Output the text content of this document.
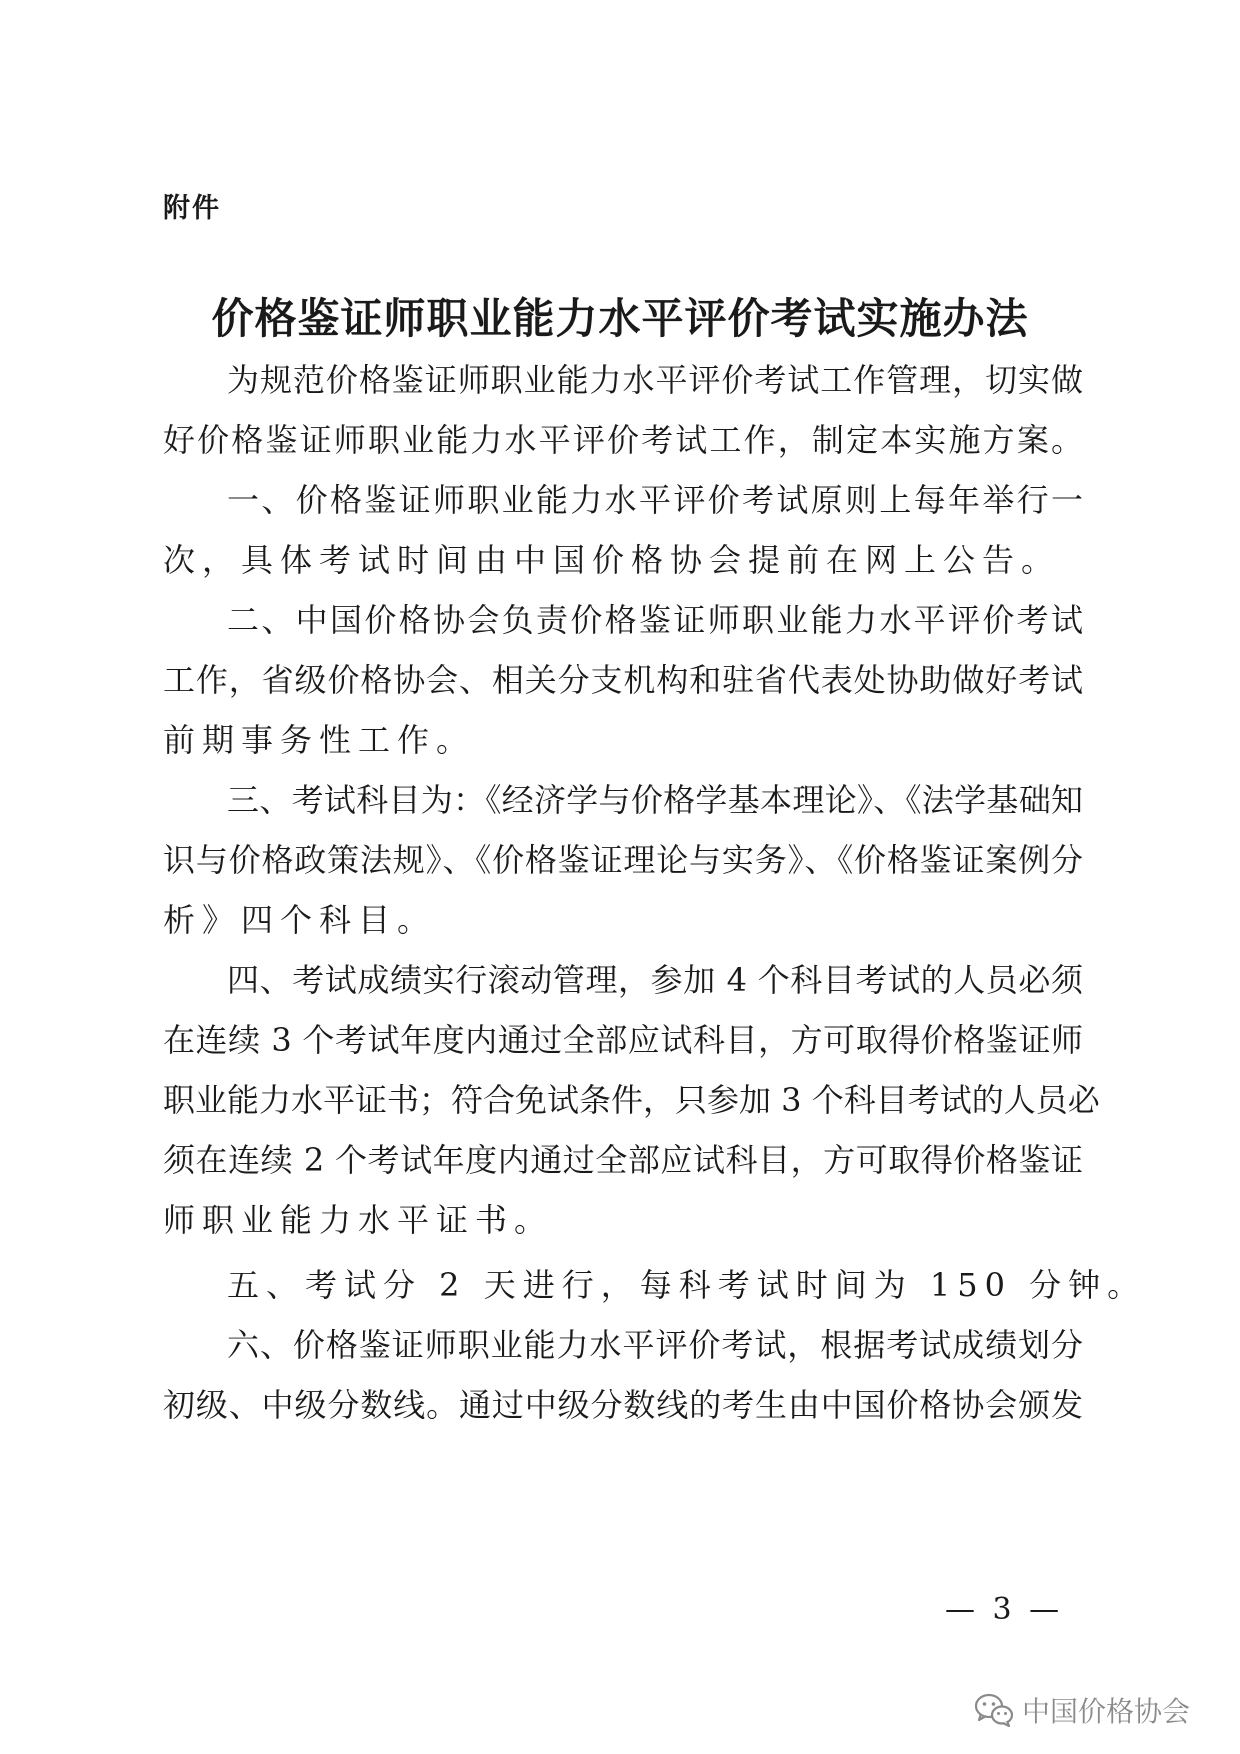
附件
价格鉴证师职业能力水平评价考试实施办法
为规范价格鉴证师职业能力水平评价考试工作管理，切实做
好价格鉴证师职业能力水平评价考试工作，制定本实施方案。
一、价格鉴证师职业能力水平评价考试原则上每年举行一
次，具体考试时间由中国价格协会提前在网上公告。
二、中国价格协会负责价格鉴证师职业能力水平评价考试
工作，省级价格协会、相关分支机构和驻省代表处协助做好考试
前期事务性工作。
三、考试科目为：《经济学与价格学基本理论》、《法学基础知
识与价格政策法规》、《价格鉴证理论与实务》、《价格鉴证案例分
析》四个科目。
四、考试成绩实行滚动管理，参加 4 个科目考试的人员必须
在连续 3 个考试年度内通过全部应试科目，方可取得价格鉴证师
职业能力水平证书；符合免试条件，只参加 3 个科目考试的人员必
须在连续 2 个考试年度内通过全部应试科目，方可取得价格鉴证
师职业能力水平证书。
五、考试分 2 天进行，每科考试时间为 150 分钟。
六、价格鉴证师职业能力水平评价考试，根据考试成绩划分
初级、中级分数线。通过中级分数线的考生由中国价格协会颁发
— 3 —
中国价格协会
